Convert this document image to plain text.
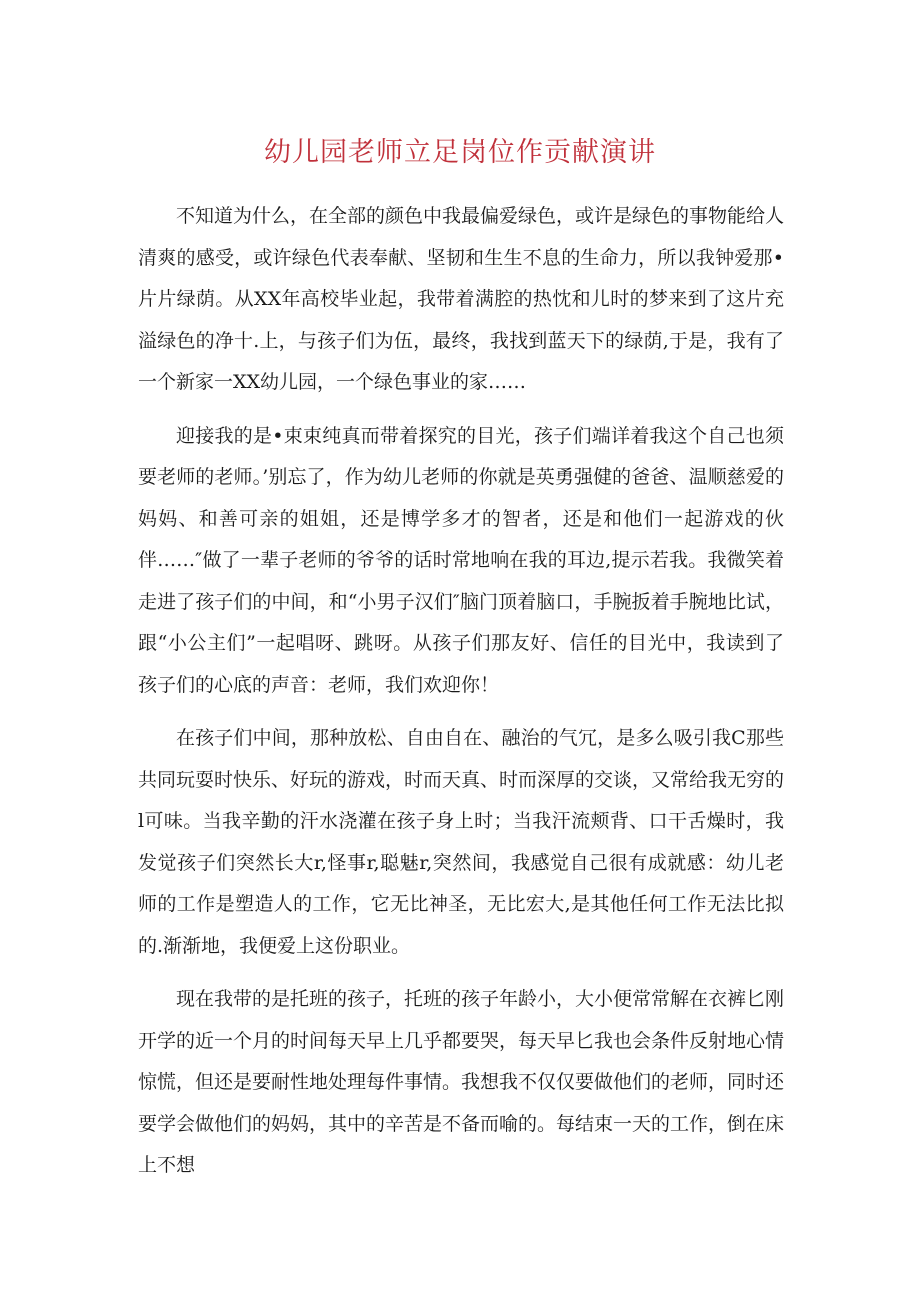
幼儿园老师立足岗位作贡献演讲

不知道为什么，在全部的颜色中我最偏爱绿色，或许是绿色的事物能给人清爽的感受，或许绿色代表奉献、坚韧和生生不息的生命力，所以我钟爱那•片片绿荫。从XX年高校毕业起，我带着满腔的热忱和儿时的梦来到了这片充溢绿色的净十.上，与孩子们为伍，最终，我找到蓝天下的绿荫,于是，我有了一个新家一XX幼儿园，一个绿色事业的家……

迎接我的是•束束纯真而带着探究的目光，孩子们端详着我这个自己也须要老师的老师。’别忘了，作为幼儿老师的你就是英勇强健的爸爸、温顺慈爱的妈妈、和善可亲的姐姐，还是博学多才的智者，还是和他们一起游戏的伙伴……″做了一辈子老师的爷爷的话时常地响在我的耳边,提示若我。我微笑着走进了孩子们的中间，和“小男子汉们″脑门顶着脑口，手腕扳着手腕地比试，跟“小公主们”一起唱呀、跳呀。从孩子们那友好、信任的目光中，我读到了孩子们的心底的声音：老师，我们欢迎你！

在孩子们中间，那种放松、自由自在、融治的气冗，是多么吸引我C那些共同玩耍时快乐、好玩的游戏，时而天真、时而深厚的交谈，又常给我无穷的l可味。当我辛勤的汗水浇灌在孩子身上时；当我汗流颊背、口干舌燥时，我发觉孩子们突然长大r,怪事r,聪魅r,突然间，我感觉自己很有成就感：幼儿老师的工作是塑造人的工作，它无比神圣，无比宏大,是其他任何工作无法比拟的.渐渐地，我便爱上这份职业。

现在我带的是托班的孩子，托班的孩子年龄小，大小便常常解在衣裤匕刚开学的近一个月的时间每天早上几乎都要哭，每天早匕我也会条件反射地心情惊慌，但还是要耐性地处理每件事情。我想我不仅仅要做他们的老师，同时还要学会做他们的妈妈，其中的辛苦是不备而喻的。每结束一天的工作，倒在床上不想
